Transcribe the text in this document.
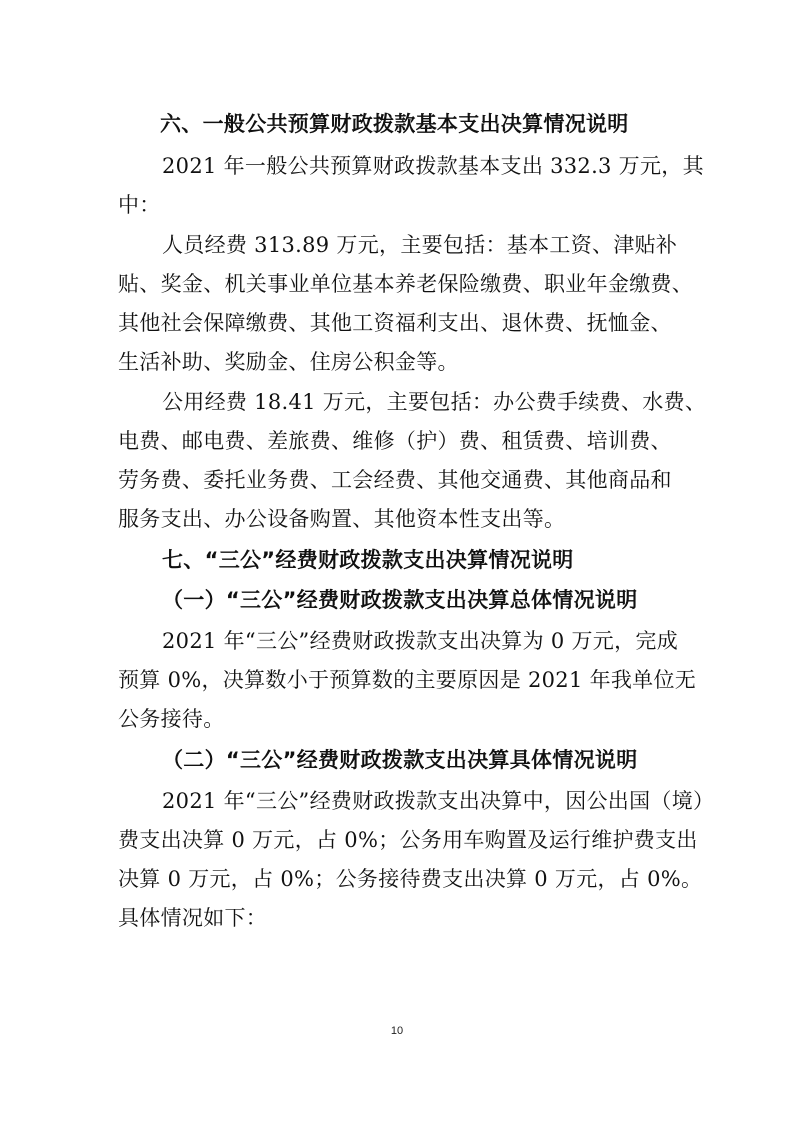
六、一般公共预算财政拨款基本支出决算情况说明
2021 年一般公共预算财政拨款基本支出 332.3 万元，其
中：
人员经费 313.89 万元，主要包括：基本工资、津贴补
贴、奖金、机关事业单位基本养老保险缴费、职业年金缴费、
其他社会保障缴费、其他工资福利支出、退休费、抚恤金、
生活补助、奖励金、住房公积金等。
公用经费 18.41 万元，主要包括：办公费手续费、水费、
电费、邮电费、差旅费、维修（护）费、租赁费、培训费、
劳务费、委托业务费、工会经费、其他交通费、其他商品和
服务支出、办公设备购置、其他资本性支出等。
七、“三公”经费财政拨款支出决算情况说明
（一）“三公”经费财政拨款支出决算总体情况说明
2021 年“三公”经费财政拨款支出决算为 0 万元，完成
预算 0%，决算数小于预算数的主要原因是 2021 年我单位无
公务接待。
（二）“三公”经费财政拨款支出决算具体情况说明
2021 年“三公”经费财政拨款支出决算中，因公出国（境）
费支出决算 0 万元，占 0%；公务用车购置及运行维护费支出
决算 0 万元，占 0%；公务接待费支出决算 0 万元，占 0%。
具体情况如下：
10
